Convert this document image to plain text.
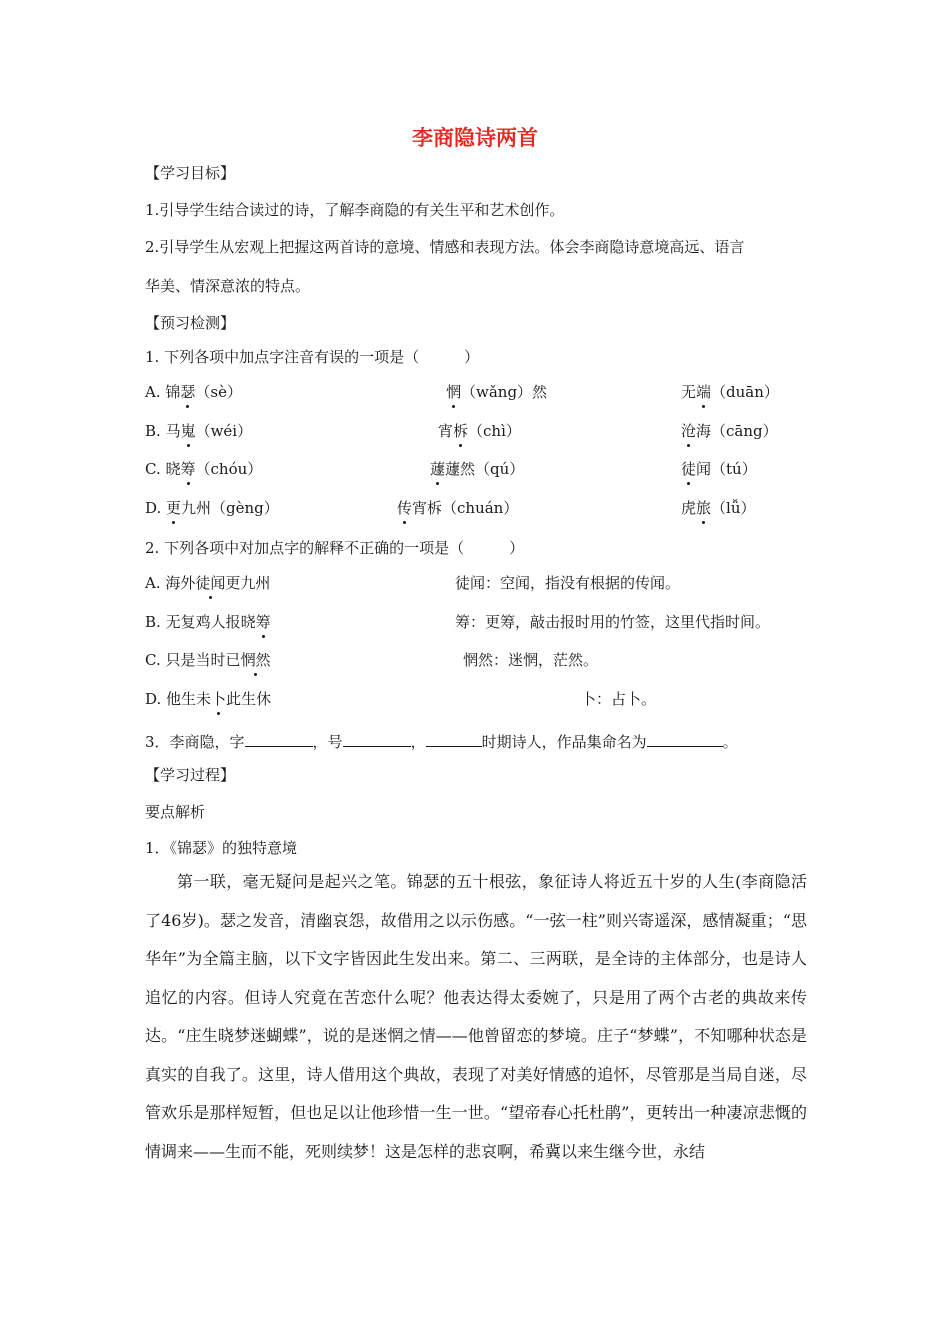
李商隐诗两首
【学习目标】
1.引导学生结合读过的诗，了解李商隐的有关生平和艺术创作。
2.引导学生从宏观上把握这两首诗的意境、情感和表现方法。体会李商隐诗意境高远、语言
华美、情深意浓的特点。
【预习检测】
1. 下列各项中加点字注音有误的一项是（　　　）
A. 锦瑟（sè）	惘（wǎng）然	无端（duān）
B. 马嵬（wéi）	宵柝（chì）	沧海（cāng）
C. 晓筹（chóu）	蘧蘧然（qú）	徒闻（tú）
D. 更九州（gèng）	传宵柝（chuán）	虎旅（lǚ）
2. 下列各项中对加点字的解释不正确的一项是（　　　）
A. 海外徒闻更九州	徒闻：空闻，指没有根据的传闻。
B. 无复鸡人报晓筹	筹：更筹，敲击报时用的竹签，这里代指时间。
C. 只是当时已惘然	惘然：迷惘，茫然。
D. 他生未卜此生休	卜：占卜。
3．李商隐，字	，号	，	时期诗人，作品集命名为	。
【学习过程】
要点解析
1．《锦瑟》的独特意境

第一联，毫无疑问是起兴之笔。锦瑟的五十根弦，象征诗人将近五十岁的人生(李商隐活了46岁)。瑟之发音，清幽哀怨，故借用之以示伤感。“一弦一柱”则兴寄遥深，感情凝重；“思华年”为全篇主脑，以下文字皆因此生发出来。第二、三两联，是全诗的主体部分，也是诗人追忆的内容。但诗人究竟在苦恋什么呢？他表达得太委婉了，只是用了两个古老的典故来传达。“庄生晓梦迷蝴蝶”，说的是迷惘之情——他曾留恋的梦境。庄子“梦蝶”，不知哪种状态是真实的自我了。这里，诗人借用这个典故，表现了对美好情感的追怀，尽管那是当局自迷，尽管欢乐是那样短暂，但也足以让他珍惜一生一世。“望帝春心托杜鹃”，更转出一种凄凉悲慨的情调来——生而不能，死则续梦！这是怎样的悲哀啊，希冀以来生继今世，永结
